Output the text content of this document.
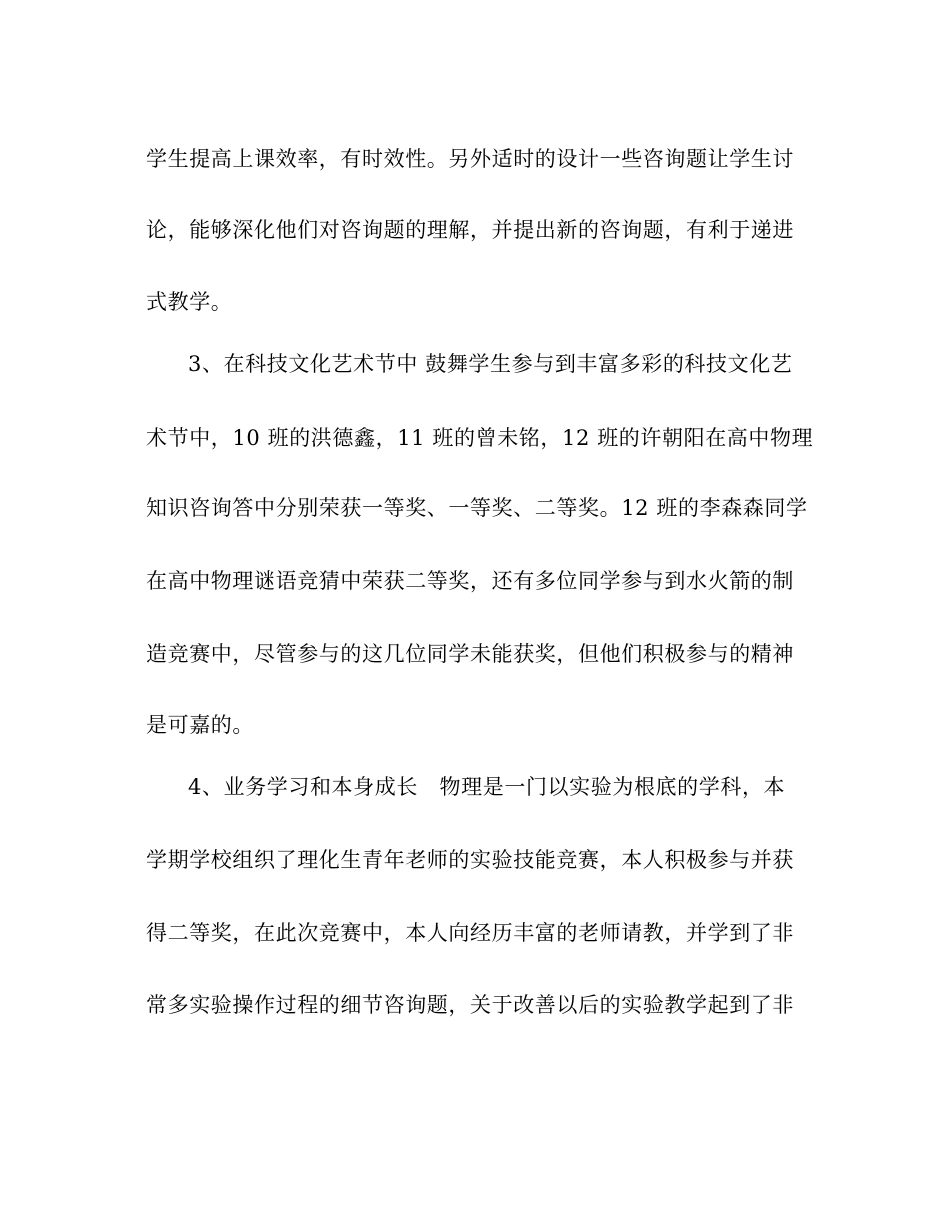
学生提高上课效率，有时效性。另外适时的设计一些咨询题让学生讨
论，能够深化他们对咨询题的理解，并提出新的咨询题，有利于递进
式教学。
3、在科技文化艺术节中 鼓舞学生参与到丰富多彩的科技文化艺
术节中，10 班的洪德鑫，11 班的曾未铭，12 班的许朝阳在高中物理
知识咨询答中分别荣获一等奖、一等奖、二等奖。12 班的李森森同学
在高中物理谜语竞猜中荣获二等奖，还有多位同学参与到水火箭的制
造竞赛中，尽管参与的这几位同学未能获奖，但他们积极参与的精神
是可嘉的。
4、业务学习和本身成长　物理是一门以实验为根底的学科，本
学期学校组织了理化生青年老师的实验技能竞赛，本人积极参与并获
得二等奖，在此次竞赛中，本人向经历丰富的老师请教，并学到了非
常多实验操作过程的细节咨询题，关于改善以后的实验教学起到了非
